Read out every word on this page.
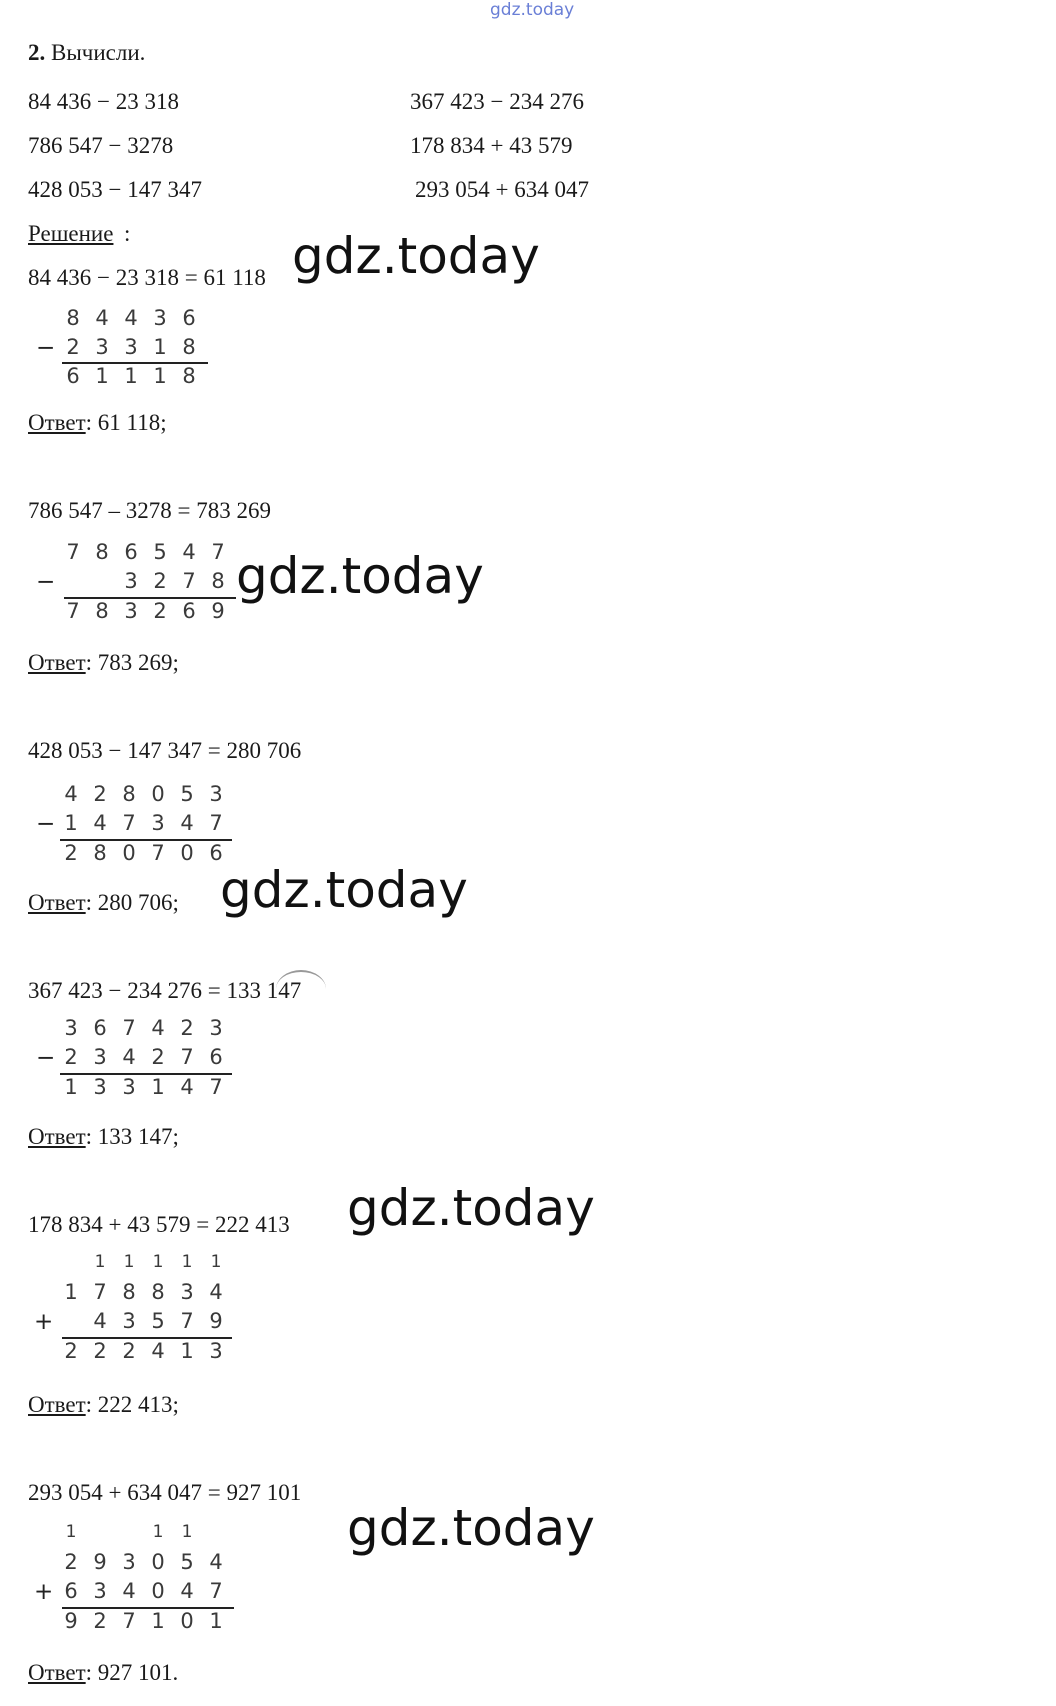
gdz.today
2. Вычисли.
84 436 − 23 318
786 547 − 3278
428 053 − 147 347
367 423 − 234 276
178 834 + 43 579
293 054 + 634 047
Решение :
84 436 − 23 318 = 61 118 gdz.today
−
8 4 4 3 6
2 3 3 1 8
6 1 1 1 8
Ответ: 61 118;
786 547 – 3278 = 783 269
gdz.today
−
7 8 6 5 4 7
3 2 7 8
7 8 3 2 6 9
Ответ: 783 269;
428 053 − 147 347 = 280 706
−
4 2 8 0 5 3
1 4 7 3 4 7
2 8 0 7 0 6
Ответ: 280 706; gdz.today
367 423 − 234 276 = 133 147
−
3 6 7 4 2 3
2 3 4 2 7 6
1 3 3 1 4 7
Ответ: 133 147;
178 834 + 43 579 = 222 413 gdz.today
1	1	1	1	1
1 7 8 8 3 4
+	4 3 5 7 9
2 2 2 4 1 3
Ответ: 222 413;
293 054 + 634 047 = 927 101
gdz.today
1	1	1
2 9 3 0 5 4
+ 6 3 4 0 4 7
9 2 7 1 0 1
Ответ: 927 101.
